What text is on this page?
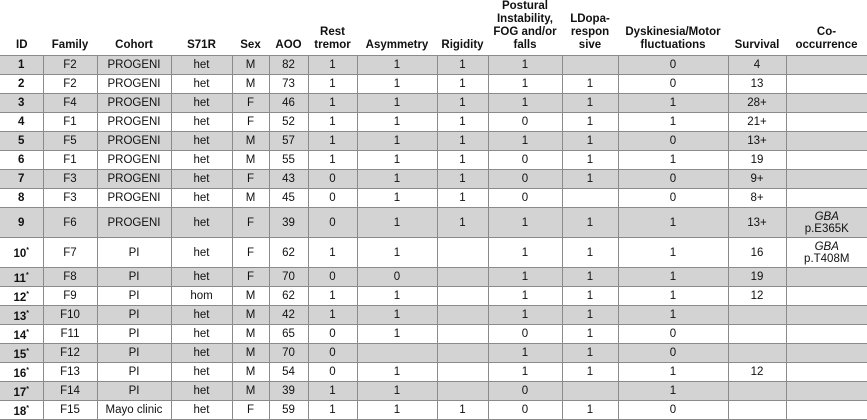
ID	Family	Cohort	S71R	Sex	AOO	Rest tremor	Asymmetry	Rigidity	Postural Instability, FOG and/or falls	LDopa-respon sive	Dyskinesia/Motor fluctuations	Survival	Co-occurrence
1	F2	PROGENI	het	M	82	1	1	1	1		0	4	
2	F2	PROGENI	het	M	73	1	1	1	1	1	0	13	
3	F4	PROGENI	het	F	46	1	1	1	1	1	1	28+	
4	F1	PROGENI	het	F	52	1	1	1	0	1	1	21+	
5	F5	PROGENI	het	M	57	1	1	1	1	1	0	13+	
6	F1	PROGENI	het	M	55	1	1	1	0	1	1	19	
7	F3	PROGENI	het	F	43	0	1	1	0	1	0	9+	
8	F3	PROGENI	het	M	45	0	1	1	0		0	8+	
9	F6	PROGENI	het	F	39	0	1	1	1	1	1	13+	GBA
p.E365K
10*	F7	PI	het	F	62	1	1		1	1	1	16	GBA
p.T408M
11*	F8	PI	het	F	70	0	0		1	1	1	19	
12*	F9	PI	hom	M	62	1	1		1	1	1	12	
13*	F10	PI	het	M	42	1	1		1	1	1		
14*	F11	PI	het	M	65	0	1		0	1	0		
15*	F12	PI	het	M	70	0			1	1	0		
16*	F13	PI	het	M	54	0	1		1	1	1	12	
17*	F14	PI	het	M	39	1	1		0		1		
18*	F15	Mayo clinic	het	F	59	1	1	1	0	1	0		
